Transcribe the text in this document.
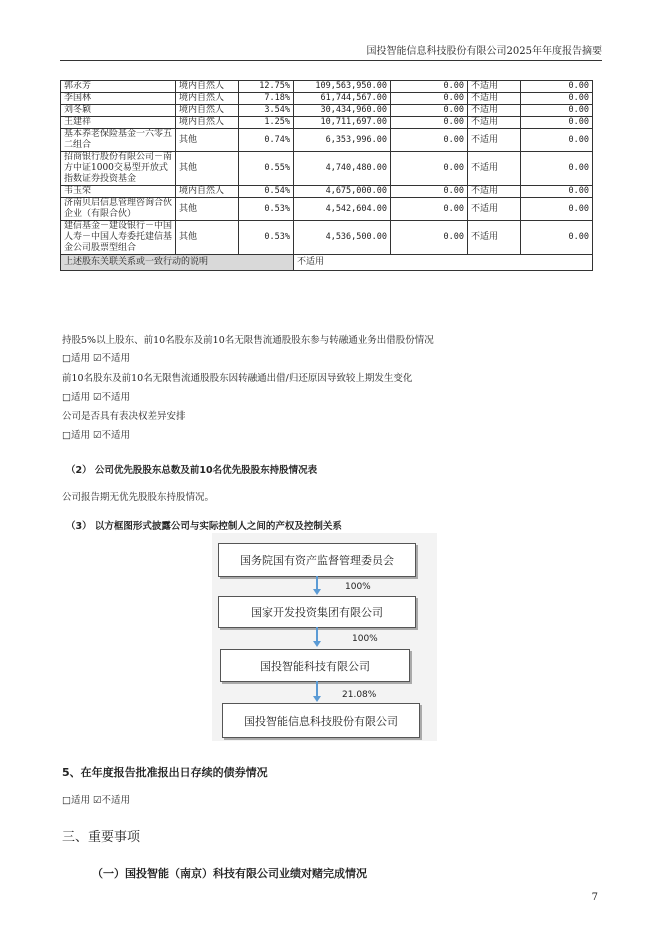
国投智能信息科技股份有限公司2025年年度报告摘要
郭永芳	境内自然人	12.75%	109,563,950.00	0.00	不适用	0.00
李国林	境内自然人	7.18%	61,744,567.00	0.00	不适用	0.00
刘冬颖	境内自然人	3.54%	30,434,960.00	0.00	不适用	0.00
王建祥	境内自然人	1.25%	10,711,697.00	0.00	不适用	0.00
基本养老保险基金一六零五二组合	其他	0.74%	6,353,996.00	0.00	不适用	0.00
招商银行股份有限公司－南方中证1000交易型开放式指数证券投资基金	其他	0.55%	4,740,480.00	0.00	不适用	0.00
韦玉荣	境内自然人	0.54%	4,675,000.00	0.00	不适用	0.00
济南贝启信息管理咨询合伙企业（有限合伙）	其他	0.53%	4,542,604.00	0.00	不适用	0.00
建信基金－建设银行－中国人寿－中国人寿委托建信基金公司股票型组合	其他	0.53%	4,536,500.00	0.00	不适用	0.00
上述股东关联关系或一致行动的说明			不适用			
持股5%以上股东、前10名股东及前10名无限售流通股股东参与转融通业务出借股份情况
□适用 ☑不适用
前10名股东及前10名无限售流通股股东因转融通出借/归还原因导致较上期发生变化
□适用 ☑不适用
公司是否具有表决权差异安排
□适用 ☑不适用
（2） 公司优先股股东总数及前10名优先股股东持股情况表
公司报告期无优先股股东持股情况。
（3） 以方框图形式披露公司与实际控制人之间的产权及控制关系
国务院国有资产监督管理委员会
100%
国家开发投资集团有限公司
100%
国投智能科技有限公司
21.08%
国投智能信息科技股份有限公司
5、在年度报告批准报出日存续的债券情况
□适用 ☑不适用
三、重要事项
（一）国投智能（南京）科技有限公司业绩对赌完成情况
7
